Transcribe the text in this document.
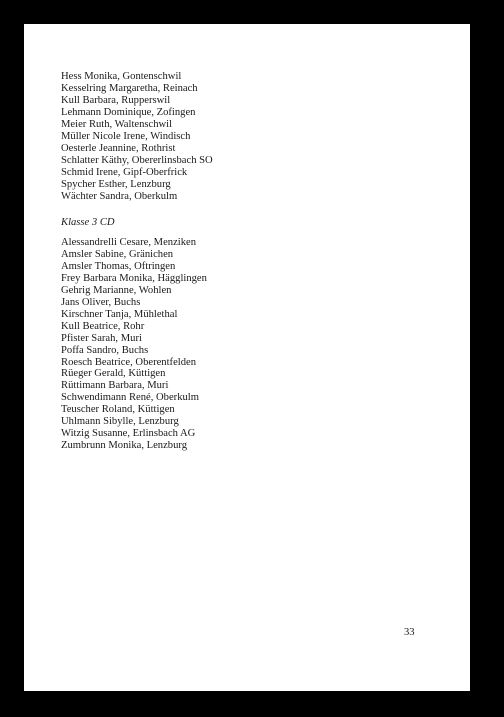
Hess Monika, Gontenschwil
Kesselring Margaretha, Reinach
Kull Barbara, Rupperswil
Lehmann Dominique, Zofingen
Meier Ruth, Waltenschwil
Müller Nicole Irene, Windisch
Oesterle Jeannine, Rothrist
Schlatter Käthy, Obererlinsbach SO
Schmid Irene, Gipf-Oberfrick
Spycher Esther, Lenzburg
Wächter Sandra, Oberkulm
Klasse 3 CD
Alessandrelli Cesare, Menziken
Amsler Sabine, Gränichen
Amsler Thomas, Oftringen
Frey Barbara Monika, Hägglingen
Gehrig Marianne, Wohlen
Jans Oliver, Buchs
Kirschner Tanja, Mühlethal
Kull Beatrice, Rohr
Pfister Sarah, Muri
Poffa Sandro, Buchs
Roesch Beatrice, Oberentfelden
Rüeger Gerald, Küttigen
Rüttimann Barbara, Muri
Schwendimann René, Oberkulm
Teuscher Roland, Küttigen
Uhlmann Sibylle, Lenzburg
Witzig Susanne, Erlinsbach AG
Zumbrunn Monika, Lenzburg
33
